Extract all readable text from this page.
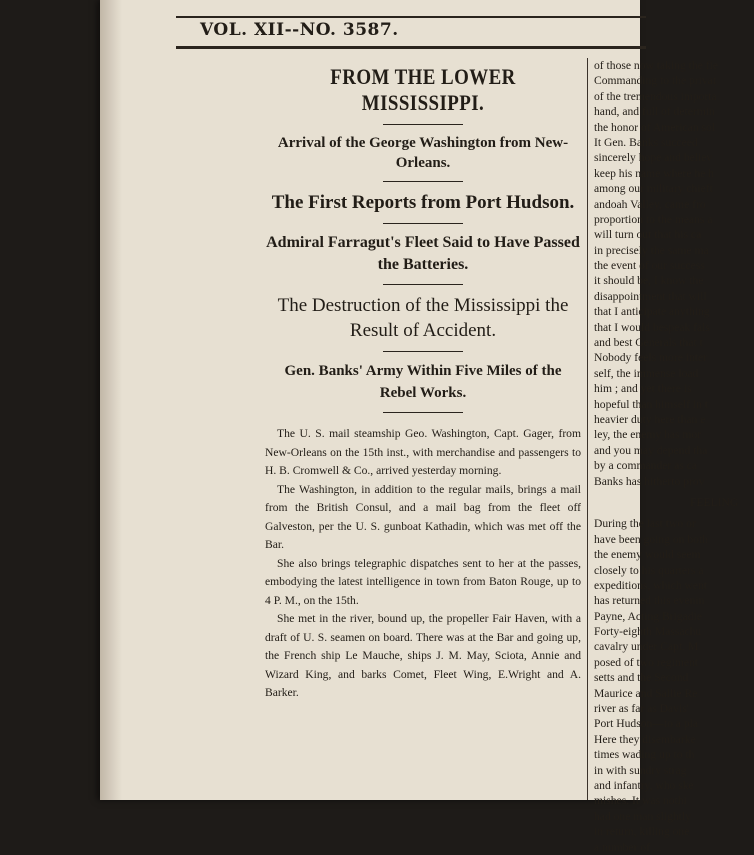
VOL. XII--NO. 3587.
FROM THE LOWER MISSISSIPPI.
Arrival of the George Washington from New-Orleans.
The First Reports from Port Hudson.
Admiral Farragut's Fleet Said to Have Passed the Batteries.
The Destruction of the Mississippi the Result of Accident.
Gen. Banks' Army Within Five Miles of the Rebel Works.

The U. S. mail steamship Geo. Washington, Capt. Gager, from New-Orleans on the 15th inst., with merchandise and passengers to H. B. Cromwell & Co., arrived yesterday morning.

The Washington, in addition to the regular mails, brings a mail from the British Consul, and a mail bag from the fleet off Galveston, per the U. S. gunboat Kathadin, which was met off the Bar.

She also brings telegraphic dispatches sent to her at the passes, embodying the latest intelligence in town from Baton Rouge, up to 4 P. M., on the 15th.

She met in the river, bound up, the propeller Fair Haven, with a draft of U. S. seamen on board. There was at the Bar and going up, the French ship Le Mauche, ships J. M. May, Sciota, Annie and Wizard King, and barks Comet, Fleet Wing, E.Wright and A. Barker.

of those now taking the fie
Commanding to the privat
of the tremendous importa
hand, and full of determin
the honor of American sol
It Gen. Banks succeed
sincerely hope and believ
keep his name where he h
among our military chieft
andoah Valley, came fro
proportion to the means a
will turn out that his ca
in precisely the same ma
the event of our success
it should be, I know the
disappointment that will
that I anticipate anything
that I would bespeak fals
and best Generals that t
Nobody feels more inter
self, the immense load
him ; and yet there is
hopeful than himself in t
heavier duty here than e
ley, the enemy has mor
and you may depend tha
by a commander as ca
Banks has hitherto prov
FEELING
During the last two or
have been going on both
the enemy would seem
closely to his quarters a
expeditions, which went
has returned this evenin
Payne, Acting Brigadie
Forty-eighth Massachu
cavalry under Capt. M
posed of two regiment
setts and the Second
Maurice and Sallie Re
river as far as Davis'
Port Hudson—to a pla
Here they disembarke
times wading up to th
in with sundry strag
and infantry, who ske
mishes. It was nothi
had one man slightly
in return, killing one
a number of ...
